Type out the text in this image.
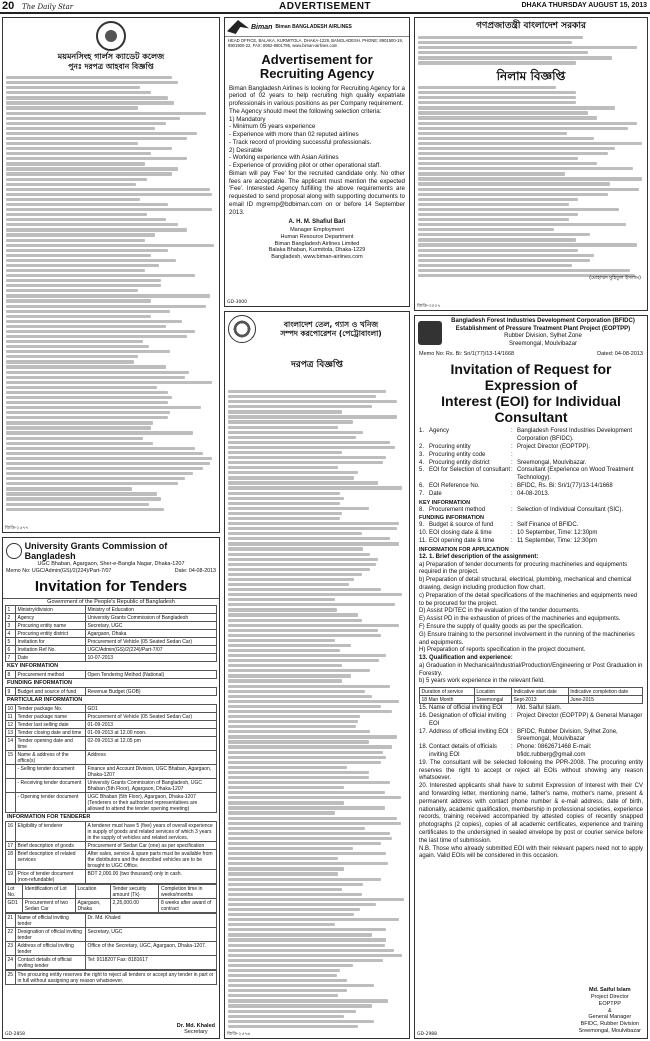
20 The Daily Star	ADVERTISEMENT	DHAKA THURSDAY AUGUST 15, 2013
ময়মনসিংহ গার্লস ক্যাডেট কলেজ
পুনঃ দরপত্র আহবান বিজ্ঞপ্তি
জিডি-২৫৭৭
University Grants Commission of Bangladesh
UGC Bhaban, Agargaon, Sher-e-Bangla Nagar, Dhaka-1207
Memo No: UGC/Admin(GS)/2(224)/Part-7/07	Date: 04-08-2013
Invitation for Tenders
Government of the People's Republic of Bangladesh
1	Ministry/division	Ministry of Education
2	Agency	University Grants Commission of Bangladesh
3	Procuring entity name	Secretary, UGC
4	Procuring entity district	Agargaon, Dhaka
5	Invitation for	Procurement of Vehicle (05 Seated Sedan Car)
6	Invitation Ref No.	UGC/Admin(GS)/2(224)/Part-7/07
7	Date	10-07-2013
KEY INFORMATION
8	Procurement method	Open Tendering Method (National)
FUNDING INFORMATION
9	Budget and source of fund	Revenue Budget (GOB)
PARTICULAR INFORMATION
10	Tender package No.	GD1
11	Tender package name	Procurement of Vehicle (05 Seated Sedan Car)
12	Tender last selling date	01-09-2013
13	Tender closing date and time	01-09-2013 at 12.00 noon.
14	Tender opening date and time	02-09-2013 at 12.05 pm
15	Name & address of the office(s)	Address
	- Selling tender document	Finance and Account Division, UGC Bhaban, Agargaon, Dhaka-1207
	- Receiving tender document	University Grants Commission of Bangladesh, UGC Bhaban (5th Floor), Agargaon, Dhaka-1207
	- Opening tender document	UGC Bhaban (5th Floor), Agargaon, Dhaka-1207 (Tenderers or their authorized representatives are allowed to attend the tender opening meeting)
INFORMATION FOR TENDERER
16	Eligibility of tenderer	A tenderer must have 5 (five) years of overall experience in supply of goods and related services of which 3 years in the supply of vehicles and related services.
17	Brief description of goods	Procurement of Sedan Car (one) as per specification
18	Brief description of related services	After sales, service & spare parts must be available from the distributors and the described vehicles are to be brought to UGC Office.
19	Price of tender document (non-refundable)	BDT 2,000.00 (two thousand) only in cash.
Lot No.	Identification of Lot	Location	Tender security amount (Tk)	Completion time in weeks/months
GD1	Procurement of two Sedan Car	Agargaon, Dhaka	2,25,000.00	8 weeks after award of contract
21	Name of official inviting tender	Dr. Md. Khaled
22	Designation of official inviting tender	Secretary, UGC
23	Address of official inviting tender	Office of the Secretary, UGC, Agargaon, Dhaka-1207.
24	Contact details of official inviting tender	Tel: 9118207 Fax: 8181617
25	The procuring entity reserves the right to reject all tenders or accept any tender in part or in full without assigning any reason whatsoever.
Dr. Md. Khaled
Secretary
GD-2858
Biman Biman BANGLADESH AIRLINES
HEAD OFFICE, BALAKA, KURMITOLA, DHAKA-1229, BANGLADESH. PHONE: 8901600-19, 8901900-22, FAX: 0962-8901795, www.biman-airlines.com
Advertisement for
Recruiting Agency
Biman Bangladesh Airlines is looking for Recruiting Agency for a period of 02 years to help recruiting high quality expatriate professionals in various positions as per Company requirement.
The Agency should meet the following selection criteria:
1) Mandatory
- Minimum 05 years experience
- Experience with more than 02 reputed airlines
- Track record of providing successful professionals.
2) Desirable
- Working experience with Asian Airlines
- Experience of providing pilot or other operational staff.
Biman will pay 'Fee' for the recruited candidate only. No other fees are acceptable. The applicant must mention the expected 'Fee'. Interested Agency fulfilling the above requirements are requested to send proposal along with supporting documents to email ID mgremp@bdbiman.com on or before 14 September 2013.
A. H. M. Shafiul Bari
Manager Employment
Human Resource Department
Biman Bangladesh Airlines Limited
Balaka Bhaban, Kurmitola, Dhaka-1229
Bangladesh, www.biman-airlines.com
GD-3000
বাংলাদেশ তেল, গ্যাস ও খনিজ
সম্পদ করপোরেশন (পেট্রোবাংলা)
দরপত্র বিজ্ঞপ্তি
জিডি-২৫৭৬
গণপ্রজাতন্ত্রী বাংলাদেশ সরকার
নিলাম বিজ্ঞপ্তি
(মোহাম্মদ মুহিতুল ইসলাম)
জিডি-৩০০৭
Bangladesh Forest Industries Development Corporation (BFIDC)
Establishment of Pressure Treatment Plant Project (EOPTPP)
Rubber Division, Sylhet Zone
Sreemongal, Moulvibazar
Memo No: Rs. Bi: Sri/1(77)/13-14/1668	Dated: 04-08-2013
Invitation of Request for Expression of
Interest (EOI) for Individual Consultant
1. Agency	: Bangladesh Forest Industries Development Corporation (BFIDC).
2. Procuring entity	: Project Director (EOPTPP).
3. Procuring entity code	:
4. Procuring entity district	: Sreemongal, Moulvibazar.
5. EOI for Selection of consultant : Consultant (Experience on Wood Treatment Technology).
6. EOI Reference No.	: BFIDC, Rs. Bi: Sri/1(77)/13-14/1668
7. Date	: 04-08-2013.
KEY INFORMATION
8. Procurement method	: Selection of Individual Consultant (SIC).
FUNDING INFORMATION
9. Budget & source of fund	: Self Finance of BFIDC.
10. EOI closing date & time	: 10 September, Time: 12:30pm
11. EOI opening date & time	: 11 September, Time: 12:30pm
INFORMATION FOR APPLICATION
12. 1. Brief description of the assignment:
a) Preparation of tender documents for procuring machineries and equipments required in the project.
b) Preparation of detail structural, electrical, plumbing, mechanical and chemical drawing, design including production flow chart.
c) Preparation of the detail specifications of the machineries and equipments need to be procured for the project.
D) Assist PD/TEC in the evaluation of the tender documents.
E) Assist PD in the exhaustion of prices of the machineries and equipments.
F) Ensure the supply of quality goods as per the specification.
G) Ensure training to the personnel involvement in the running of the machineries and equipments.
H) Preparation of reports specification in the project document.
13. Qualification and experience:
a) Graduation in Mechanical/Industrial/Production/Engineering or Post Graduation in Forestry.
b) 5 years work experience in the relevant field.
Duration of service	Location	Indicative start date	Indicative completion date
18 Man Month	Sreemongal	Sept-2013	June-2015
15. Name of official inviting EOI	: Md. Saiful Islam.
16. Designation of official inviting EOI
: Project Director (EOPTPP) & General Manager
17. Address of official inviting EOI : BFIDC, Rubber Division, Sylhet Zone, Sreemongal, Moulvibazar
18. Contact details of officials inviting EOI
: Phone: 0862671468 E-mail: bfidc.rubberg@gmail.com
19. The consultant will be selected following the PPR-2008. The procuring entity reserves the right to accept or reject all EOIs without showing any reason whatsoever.
20. Interested applicants shall have to submit Expression of Interest with their CV and forwarding letter, mentioning name, father's name, mother's name, present & permanent address with contact phone number & e-mail address, date of birth, nationality, academic qualification, membership in professional societies, experience records, training received accompanied by attested copies of recently snapped photographs (2 copies), copies of all academic certificates, experience and training certificates to the undersigned in sealed envelope by post or courier service before the last time of submission.
N.B. Those who already submitted EOI with their relevant papers need not to apply again. Valid EOIs will be considered in this occasion.
Md. Saiful Islam
Project Director
EOPTPP
&
General Manager
BFIDC, Rubber Division
Sreemongal, Moulvibazar
GD-2988
